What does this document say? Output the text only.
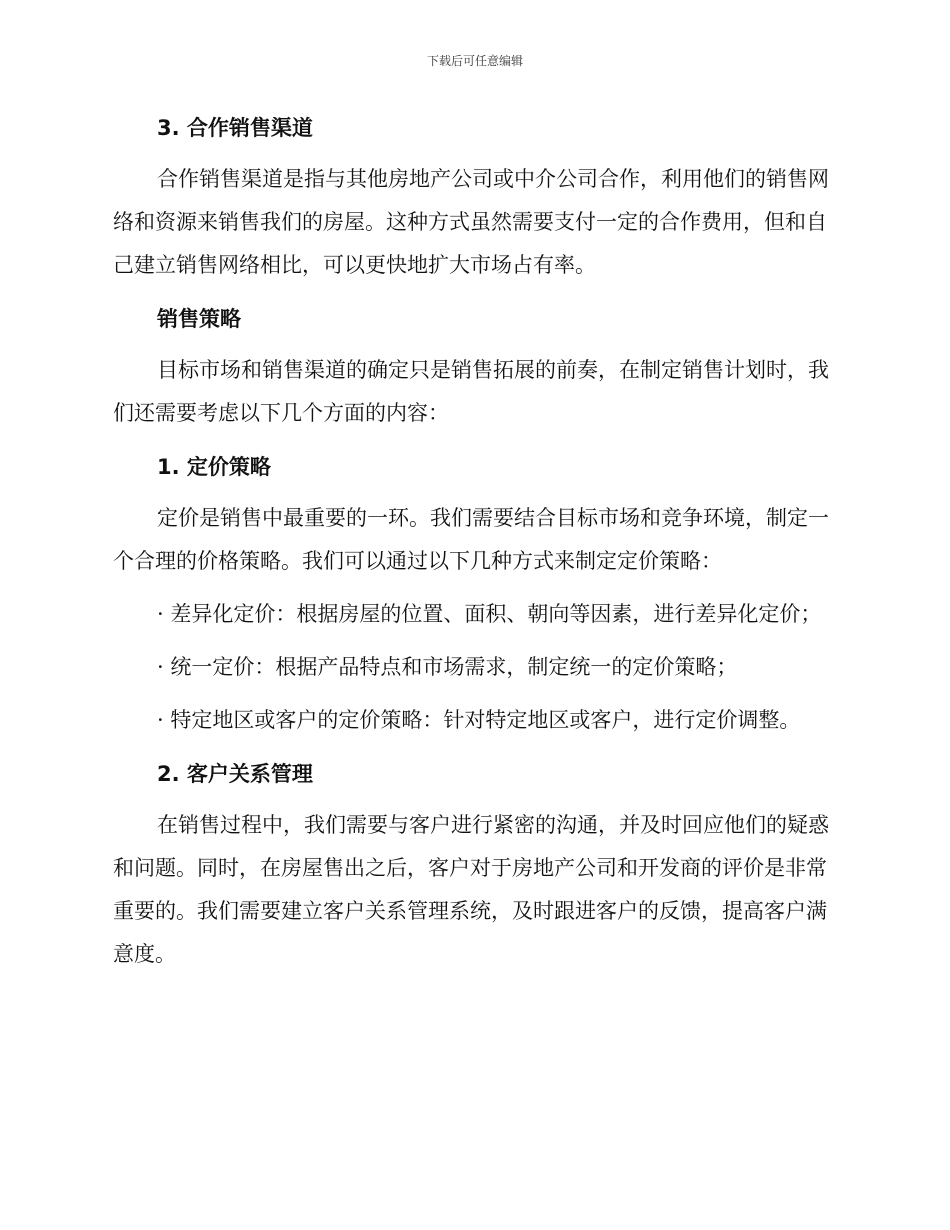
下载后可任意编辑
3. 合作销售渠道

合作销售渠道是指与其他房地产公司或中介公司合作，利用他们的销售网络和资源来销售我们的房屋。这种方式虽然需要支付一定的合作费用，但和自己建立销售网络相比，可以更快地扩大市场占有率。

销售策略

目标市场和销售渠道的确定只是销售拓展的前奏，在制定销售计划时，我们还需要考虑以下几个方面的内容：

1. 定价策略

定价是销售中最重要的一环。我们需要结合目标市场和竞争环境，制定一个合理的价格策略。我们可以通过以下几种方式来制定定价策略：

· 差异化定价：根据房屋的位置、面积、朝向等因素，进行差异化定价；

· 统一定价：根据产品特点和市场需求，制定统一的定价策略；

· 特定地区或客户的定价策略：针对特定地区或客户，进行定价调整。

2. 客户关系管理

在销售过程中，我们需要与客户进行紧密的沟通，并及时回应他们的疑惑和问题。同时，在房屋售出之后，客户对于房地产公司和开发商的评价是非常重要的。我们需要建立客户关系管理系统，及时跟进客户的反馈，提高客户满意度。
